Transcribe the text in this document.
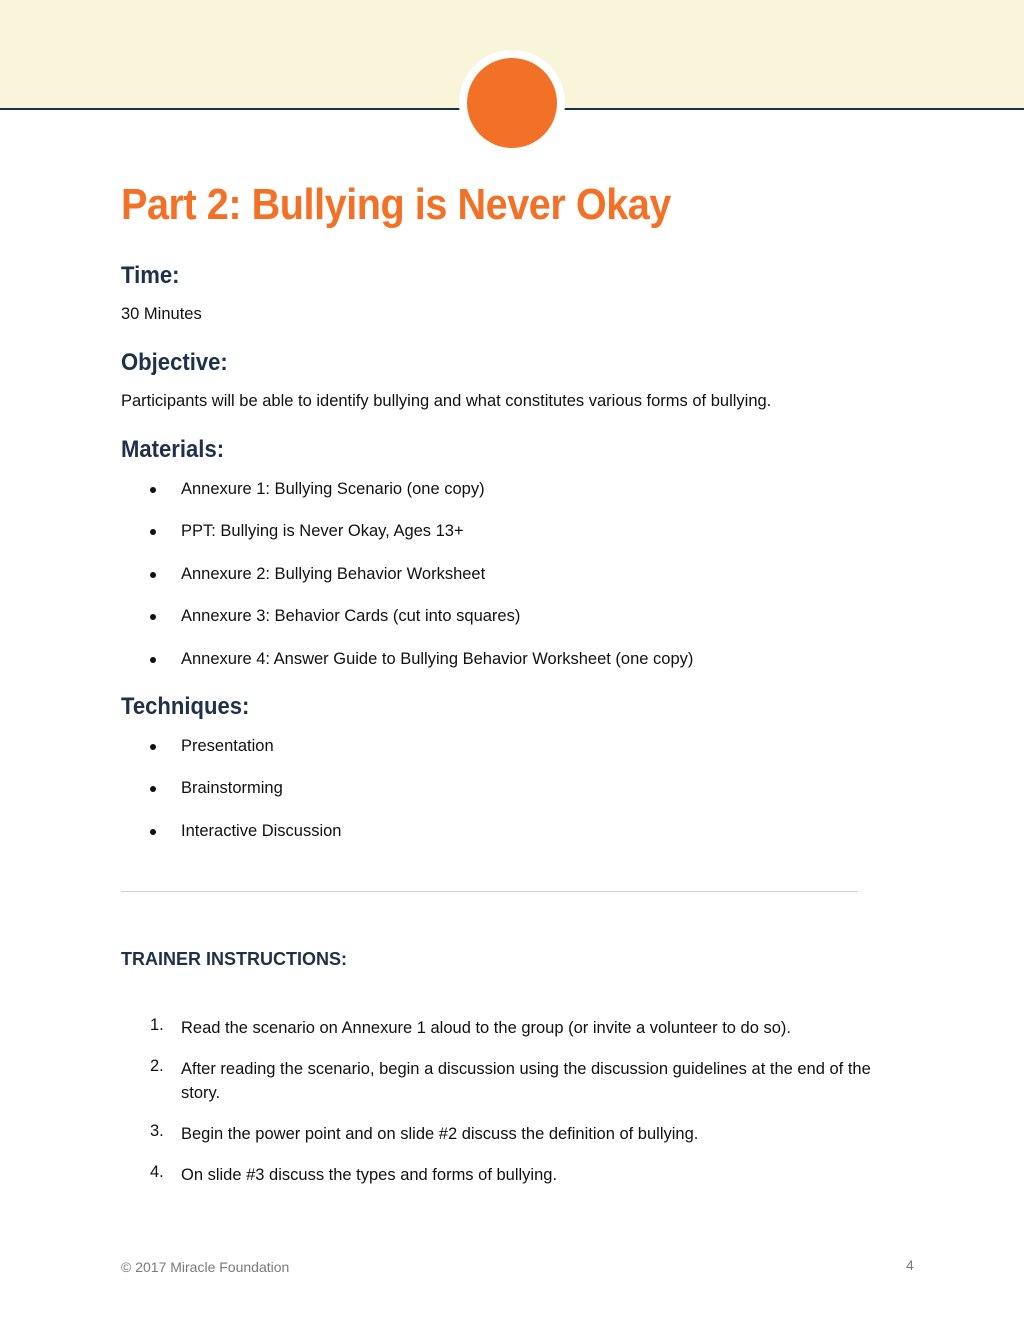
Part 2: Bullying is Never Okay
Time:

30 Minutes

Objective:

Participants will be able to identify bullying and what constitutes various forms of bullying.

Materials:
Annexure 1: Bullying Scenario (one copy)
PPT: Bullying is Never Okay, Ages 13+
Annexure 2: Bullying Behavior Worksheet
Annexure 3: Behavior Cards (cut into squares)
Annexure 4: Answer Guide to Bullying Behavior Worksheet (one copy)
Techniques:
Presentation
Brainstorming
Interactive Discussion
TRAINER INSTRUCTIONS:
1. Read the scenario on Annexure 1 aloud to the group (or invite a volunteer to do so).
2. After reading the scenario, begin a discussion using the discussion guidelines at the end of the story.
3. Begin the power point and on slide #2 discuss the definition of bullying.
4. On slide #3 discuss the types and forms of bullying.
© 2017 Miracle Foundation	4
